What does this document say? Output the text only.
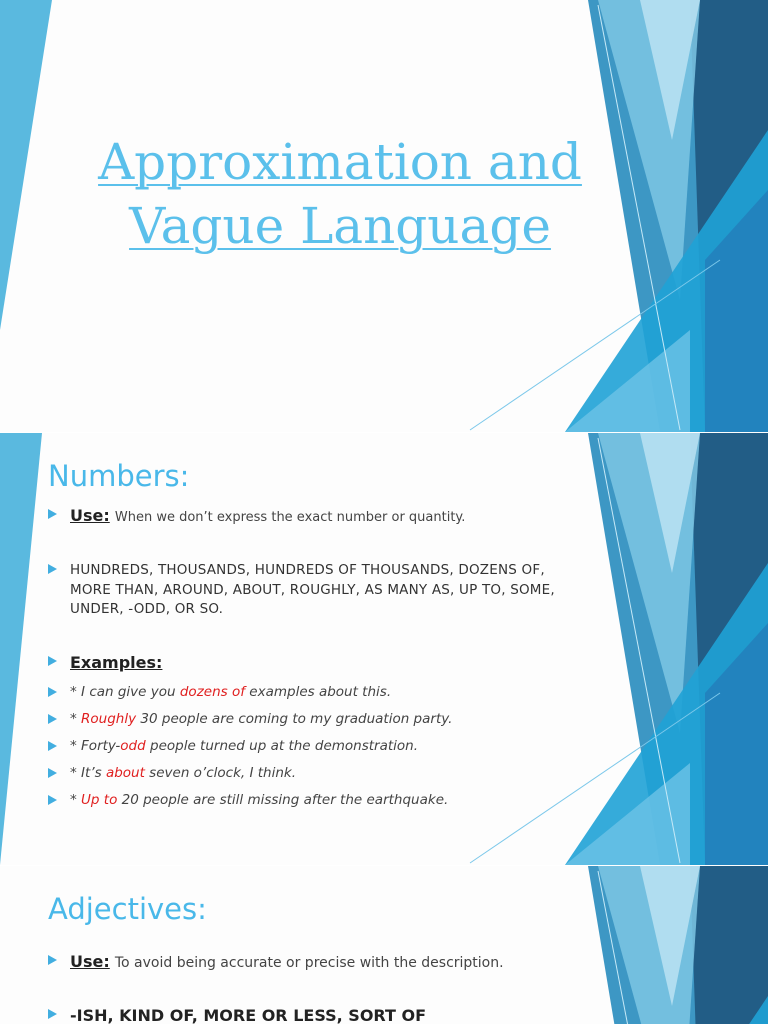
Approximation and
Vague Language
Numbers:
Use: When we don’t express the exact number or quantity.
HUNDREDS, THOUSANDS, HUNDREDS OF THOUSANDS, DOZENS OF, MORE THAN, AROUND, ABOUT, ROUGHLY, AS MANY AS, UP TO, SOME, UNDER, -ODD, OR SO.
Examples:
* I can give you dozens of examples about this.
* Roughly 30 people are coming to my graduation party.
* Forty-odd people turned up at the demonstration.
* It’s about seven o’clock, I think.
* Up to 20 people are still missing after the earthquake.
Adjectives:
Use: To avoid being accurate or precise with the description.
-ISH, KIND OF, MORE OR LESS, SORT OF
